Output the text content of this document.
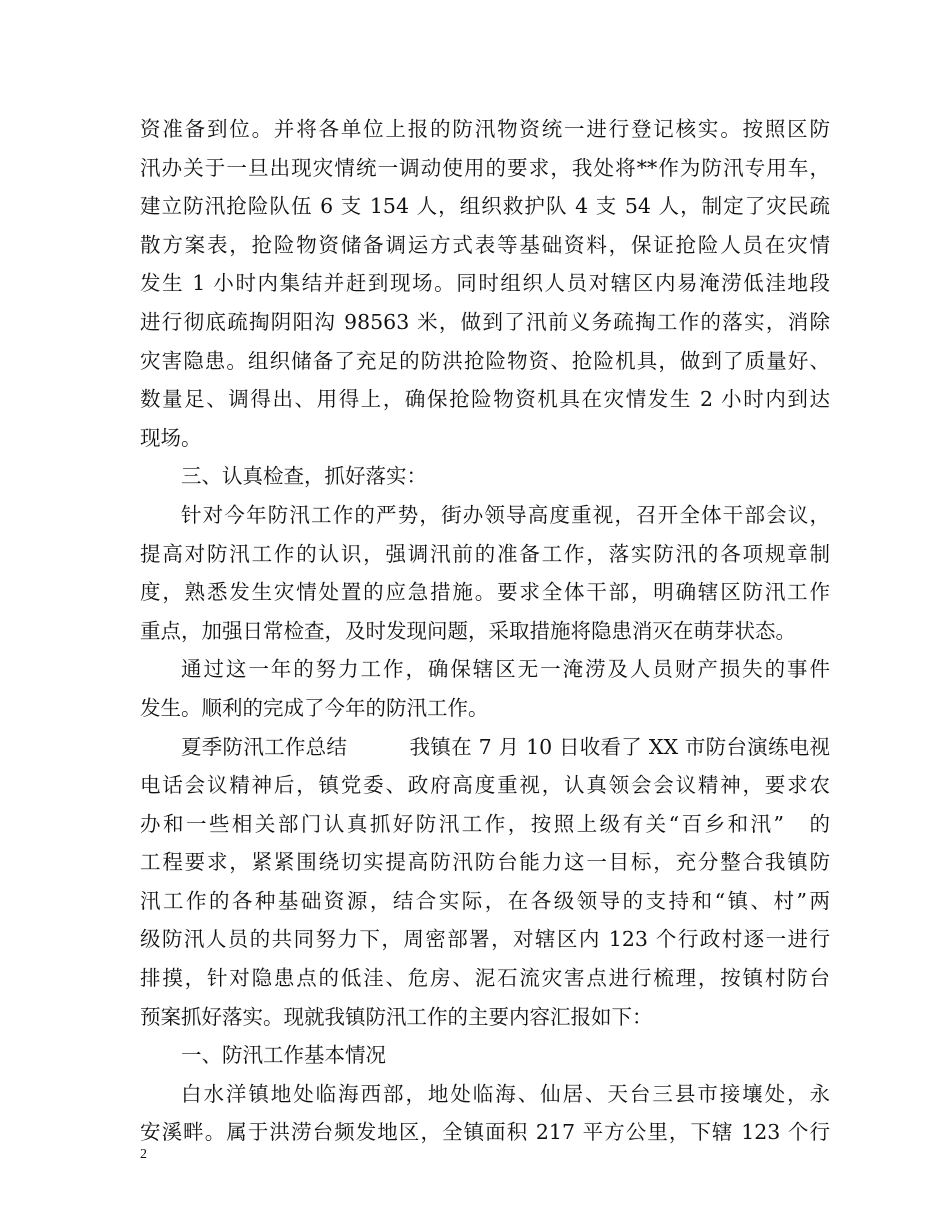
资准备到位。并将各单位上报的防汛物资统一进行登记核实。按照区防
汛办关于一旦出现灾情统一调动使用的要求，我处将**作为防汛专用车，
建立防汛抢险队伍 6 支 154 人，组织救护队 4 支 54 人，制定了灾民疏
散方案表，抢险物资储备调运方式表等基础资料，保证抢险人员在灾情
发生 1 小时内集结并赶到现场。同时组织人员对辖区内易淹涝低洼地段
进行彻底疏掏阴阳沟 98563 米，做到了汛前义务疏掏工作的落实，消除
灾害隐患。组织储备了充足的防洪抢险物资、抢险机具，做到了质量好、
数量足、调得出、用得上，确保抢险物资机具在灾情发生 2 小时内到达
现场。
三、认真检查，抓好落实：
针对今年防汛工作的严势，街办领导高度重视，召开全体干部会议，
提高对防汛工作的认识，强调汛前的准备工作，落实防汛的各项规章制
度，熟悉发生灾情处置的应急措施。要求全体干部，明确辖区防汛工作
重点，加强日常检查，及时发现问题，采取措施将隐患消灭在萌芽状态。
通过这一年的努力工作，确保辖区无一淹涝及人员财产损失的事件
发生。顺利的完成了今年的防汛工作。
夏季防汛工作总结　　　我镇在 7 月 10 日收看了 XX 市防台演练电视
电话会议精神后，镇党委、政府高度重视，认真领会会议精神，要求农
办和一些相关部门认真抓好防汛工作，按照上级有关“百乡和汛”　的
工程要求，紧紧围绕切实提高防汛防台能力这一目标，充分整合我镇防
汛工作的各种基础资源，结合实际，在各级领导的支持和“镇、村”两
级防汛人员的共同努力下，周密部署，对辖区内 123 个行政村逐一进行
排摸，针对隐患点的低洼、危房、泥石流灾害点进行梳理，按镇村防台
预案抓好落实。现就我镇防汛工作的主要内容汇报如下：
一、防汛工作基本情况
白水洋镇地处临海西部，地处临海、仙居、天台三县市接壤处，永
安溪畔。属于洪涝台频发地区，全镇面积 217 平方公里，下辖 123 个行
2
